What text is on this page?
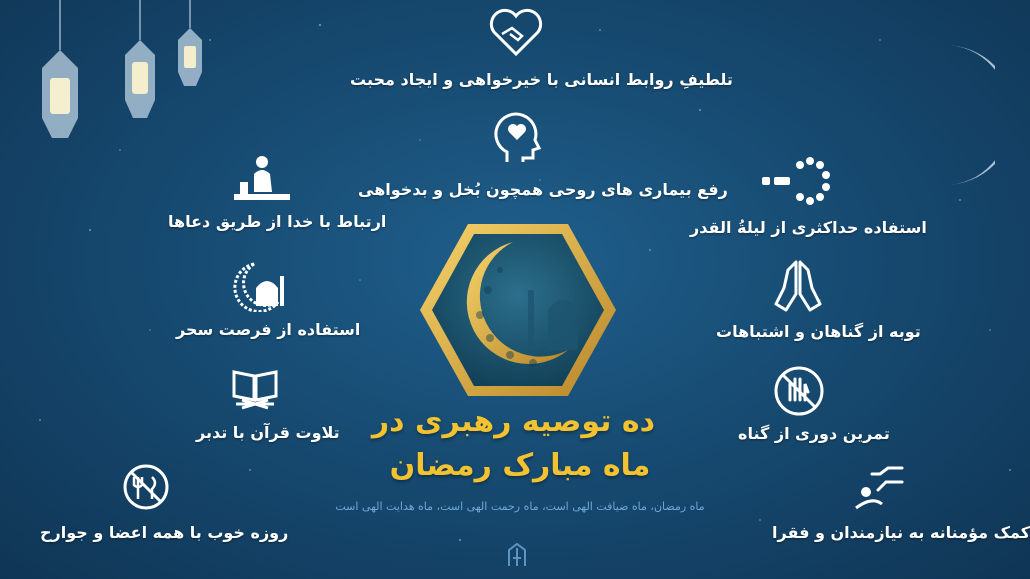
ده توصیه رهبری در
ماه مبارک رمضان
ماه رمضان، ماه ضیافت الهی است، ماه رحمت الهی است، ماه هدایت الهی است
تلطیفِ روابط انسانی با خیرخواهی و ایجاد محبت
رفع بیماری های روحی همچون بُخل و بدخواهی
ارتباط با خدا از طریق دعاها
استفاده از فرصت سحر
تلاوت قرآن با تدبر
روزه خوب با همه اعضا و جوارح
استفاده حداکثری از لیلةُ القدر
توبه از گناهان و اشتباهات
تمرین دوری از گناه
کمک مؤمنانه به نیازمندان و فقرا
